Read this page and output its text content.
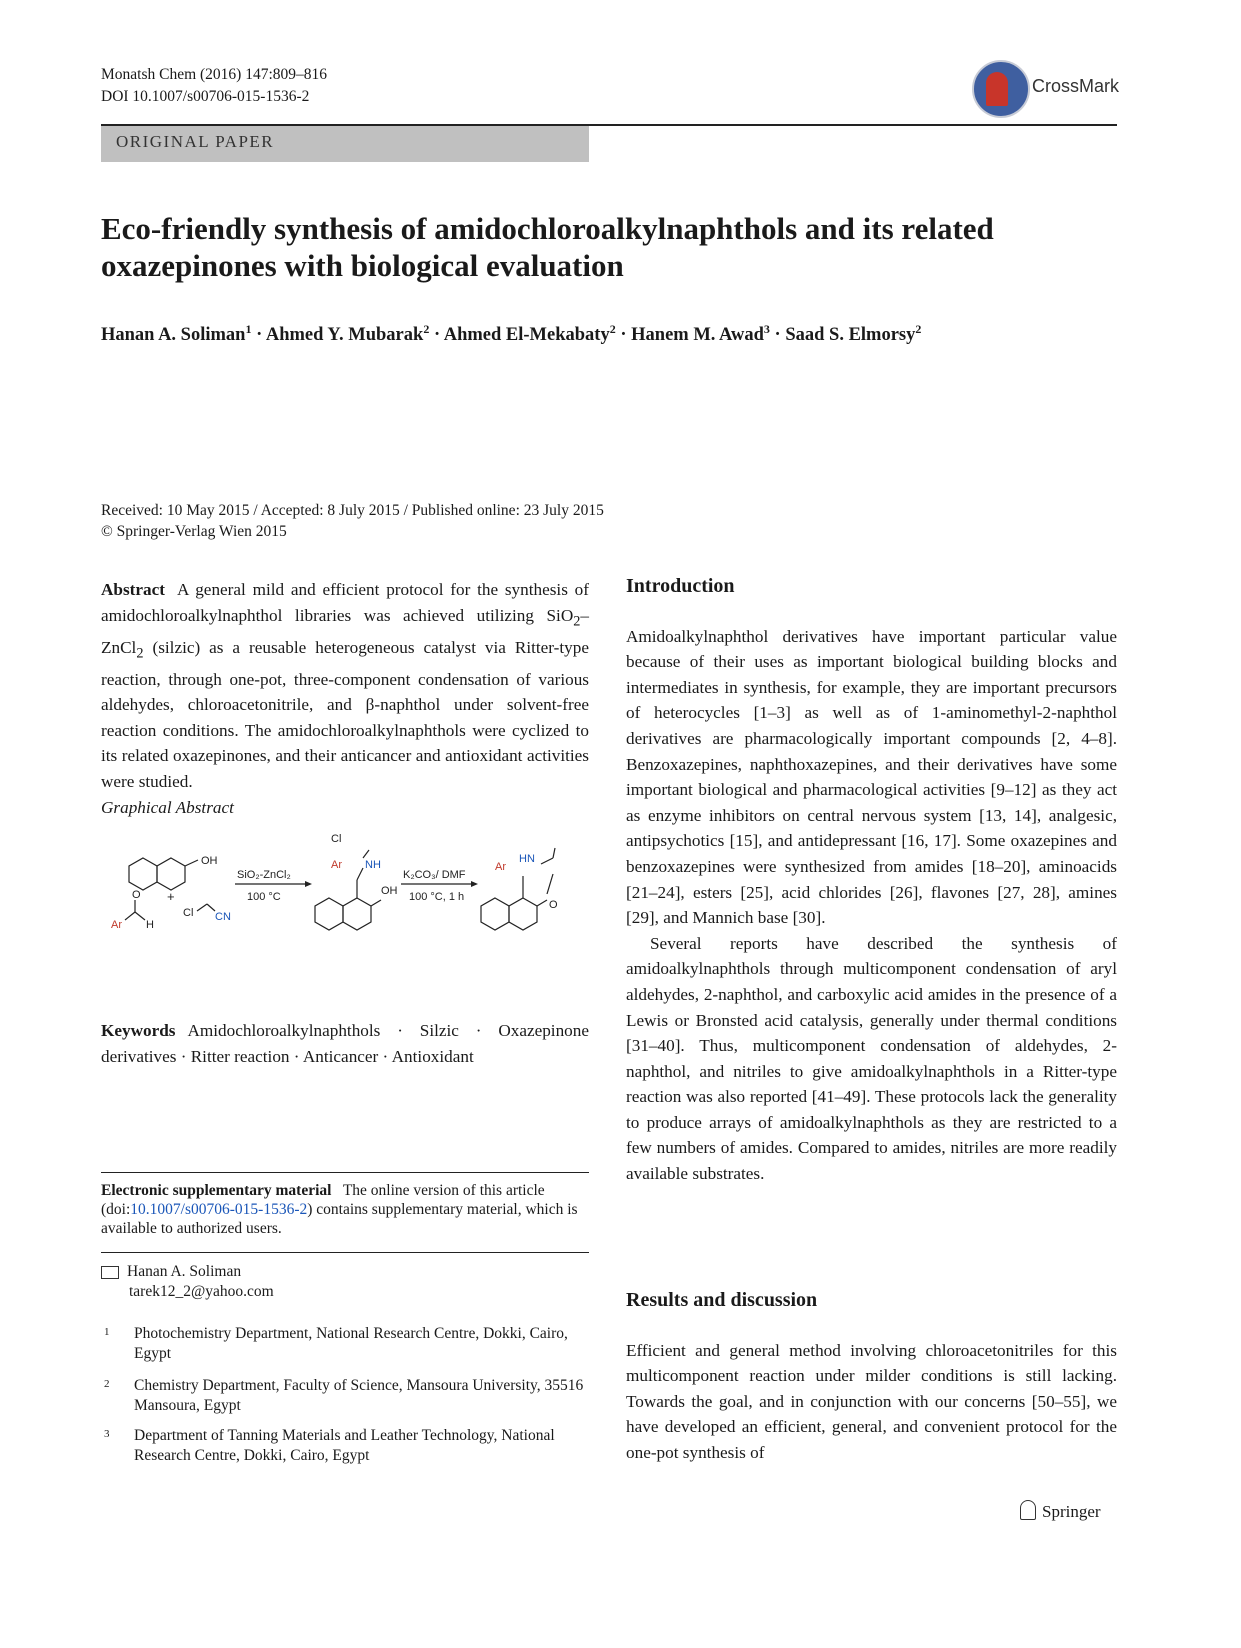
Monatsh Chem (2016) 147:809–816
DOI 10.1007/s00706-015-1536-2
CrossMark
ORIGINAL PAPER
Eco-friendly synthesis of amidochloroalkylnaphthols and its related oxazepinones with biological evaluation
Hanan A. Soliman$^1$ · Ahmed Y. Mubarak$^2$ · Ahmed El-Mekabaty$^2$ · Hanem M. Awad$^3$ · Saad S. Elmorsy$^2$
Received: 10 May 2015 / Accepted: 8 July 2015 / Published online: 23 July 2015
© Springer-Verlag Wien 2015
Abstract A general mild and efficient protocol for the synthesis of amidochloroalkylnaphthol libraries was achieved utilizing SiO$_2$–ZnCl$_2$ (silzic) as a reusable heterogeneous catalyst via Ritter-type reaction, through one-pot, three-component condensation of various aldehydes, chloroacetonitrile, and β-naphthol under solvent-free reaction conditions. The amidochloroalkylnaphthols were cyclized to its related oxazepinones, and their anticancer and antioxidant activities were studied.
Graphical Abstract
OH
+
O
Ar H
Cl CN
SiO₂-ZnCl₂
100 °C
Cl
Ar NH
OH
K₂CO₃/ DMF
100 °C, 1 h
Ar
HN
O
Keywords Amidochloroalkylnaphthols · Silzic · Oxazepinone derivatives · Ritter reaction · Anticancer · Antioxidant
Electronic supplementary material The online version of this article (doi:10.1007/s00706-015-1536-2) contains supplementary material, which is available to authorized users.
Hanan A. Soliman
tarek12_2@yahoo.com
1 Photochemistry Department, National Research Centre, Dokki, Cairo, Egypt
2 Chemistry Department, Faculty of Science, Mansoura University, 35516 Mansoura, Egypt
3 Department of Tanning Materials and Leather Technology, National Research Centre, Dokki, Cairo, Egypt
Introduction

Amidoalkylnaphthol derivatives have important particular value because of their uses as important biological building blocks and intermediates in synthesis, for example, they are important precursors of heterocycles [1–3] as well as of 1-aminomethyl-2-naphthol derivatives are pharmacologically important compounds [2, 4–8]. Benzoxazepines, naphthoxazepines, and their derivatives have some important biological and pharmacological activities [9–12] as they act as enzyme inhibitors on central nervous system [13, 14], analgesic, antipsychotics [15], and antidepressant [16, 17]. Some oxazepines and benzoxazepines were synthesized from amides [18–20], aminoacids [21–24], esters [25], acid chlorides [26], flavones [27, 28], amines [29], and Mannich base [30].

Several reports have described the synthesis of amidoalkylnaphthols through multicomponent condensation of aryl aldehydes, 2-naphthol, and carboxylic acid amides in the presence of a Lewis or Bronsted acid catalysis, generally under thermal conditions [31–40]. Thus, multicomponent condensation of aldehydes, 2-naphthol, and nitriles to give amidoalkylnaphthols in a Ritter-type reaction was also reported [41–49]. These protocols lack the generality to produce arrays of amidoalkylnaphthols as they are restricted to a few numbers of amides. Compared to amides, nitriles are more readily available substrates.

Results and discussion

Efficient and general method involving chloroacetonitriles for this multicomponent reaction under milder conditions is still lacking. Towards the goal, and in conjunction with our concerns [50–55], we have developed an efficient, general, and convenient protocol for the one-pot synthesis of

Springer
